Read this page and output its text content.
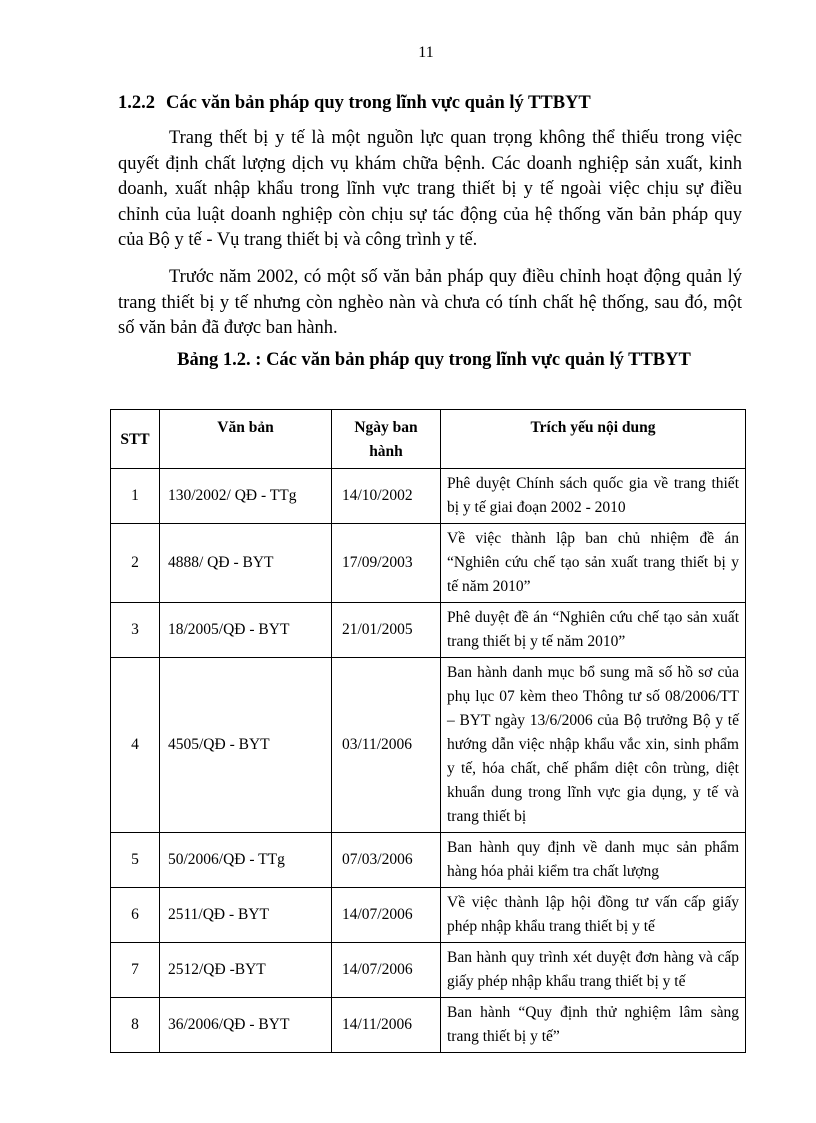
11
1.2.2 Các văn bản pháp quy trong lĩnh vực quản lý TTBYT

Trang thết bị y tế là một nguồn lực quan trọng không thể thiếu trong việc quyết định chất lượng dịch vụ khám chữa bệnh. Các doanh nghiệp sản xuất, kinh doanh, xuất nhập khẩu trong lĩnh vực trang thiết bị y tế ngoài việc chịu sự điều chỉnh của luật doanh nghiệp còn chịu sự tác động của hệ thống văn bản pháp quy của Bộ y tế - Vụ trang thiết bị và công trình y tế.

Trước năm 2002, có một số văn bản pháp quy điều chỉnh hoạt động quản lý trang thiết bị y tế nhưng còn nghèo nàn và chưa có tính chất hệ thống, sau đó, một số văn bản đã được ban hành.

Bảng 1.2. : Các văn bản pháp quy trong lĩnh vực quản lý TTBYT
STT	Văn bản	Ngày ban hành	Trích yếu nội dung
1	130/2002/ QĐ - TTg	14/10/2002	Phê duyệt Chính sách quốc gia về trang thiết bị y tế giai đoạn 2002 - 2010
2	4888/ QĐ - BYT	17/09/2003	Về việc thành lập ban chủ nhiệm đề án “Nghiên cứu chế tạo sản xuất trang thiết bị y tế năm 2010”
3	18/2005/QĐ - BYT	21/01/2005	Phê duyệt đề án “Nghiên cứu chế tạo sản xuất trang thiết bị y tế năm 2010”
4	4505/QĐ - BYT	03/11/2006	Ban hành danh mục bổ sung mã số hồ sơ của phụ lục 07 kèm theo Thông tư số 08/2006/TT – BYT ngày 13/6/2006 của Bộ trưởng Bộ y tế hướng dẫn việc nhập khẩu vắc xin, sinh phẩm y tế, hóa chất, chế phẩm diệt côn trùng, diệt khuẩn dung trong lĩnh vực gia dụng, y tế và trang thiết bị
5	50/2006/QĐ - TTg	07/03/2006	Ban hành quy định về danh mục sản phẩm hàng hóa phải kiểm tra chất lượng
6	2511/QĐ - BYT	14/07/2006	Về việc thành lập hội đồng tư vấn cấp giấy phép nhập khẩu trang thiết bị y tế
7	2512/QĐ -BYT	14/07/2006	Ban hành quy trình xét duyệt đơn hàng và cấp giấy phép nhập khẩu trang thiết bị y tế
8	36/2006/QĐ - BYT	14/11/2006	Ban hành “Quy định thử nghiệm lâm sàng trang thiết bị y tế”
